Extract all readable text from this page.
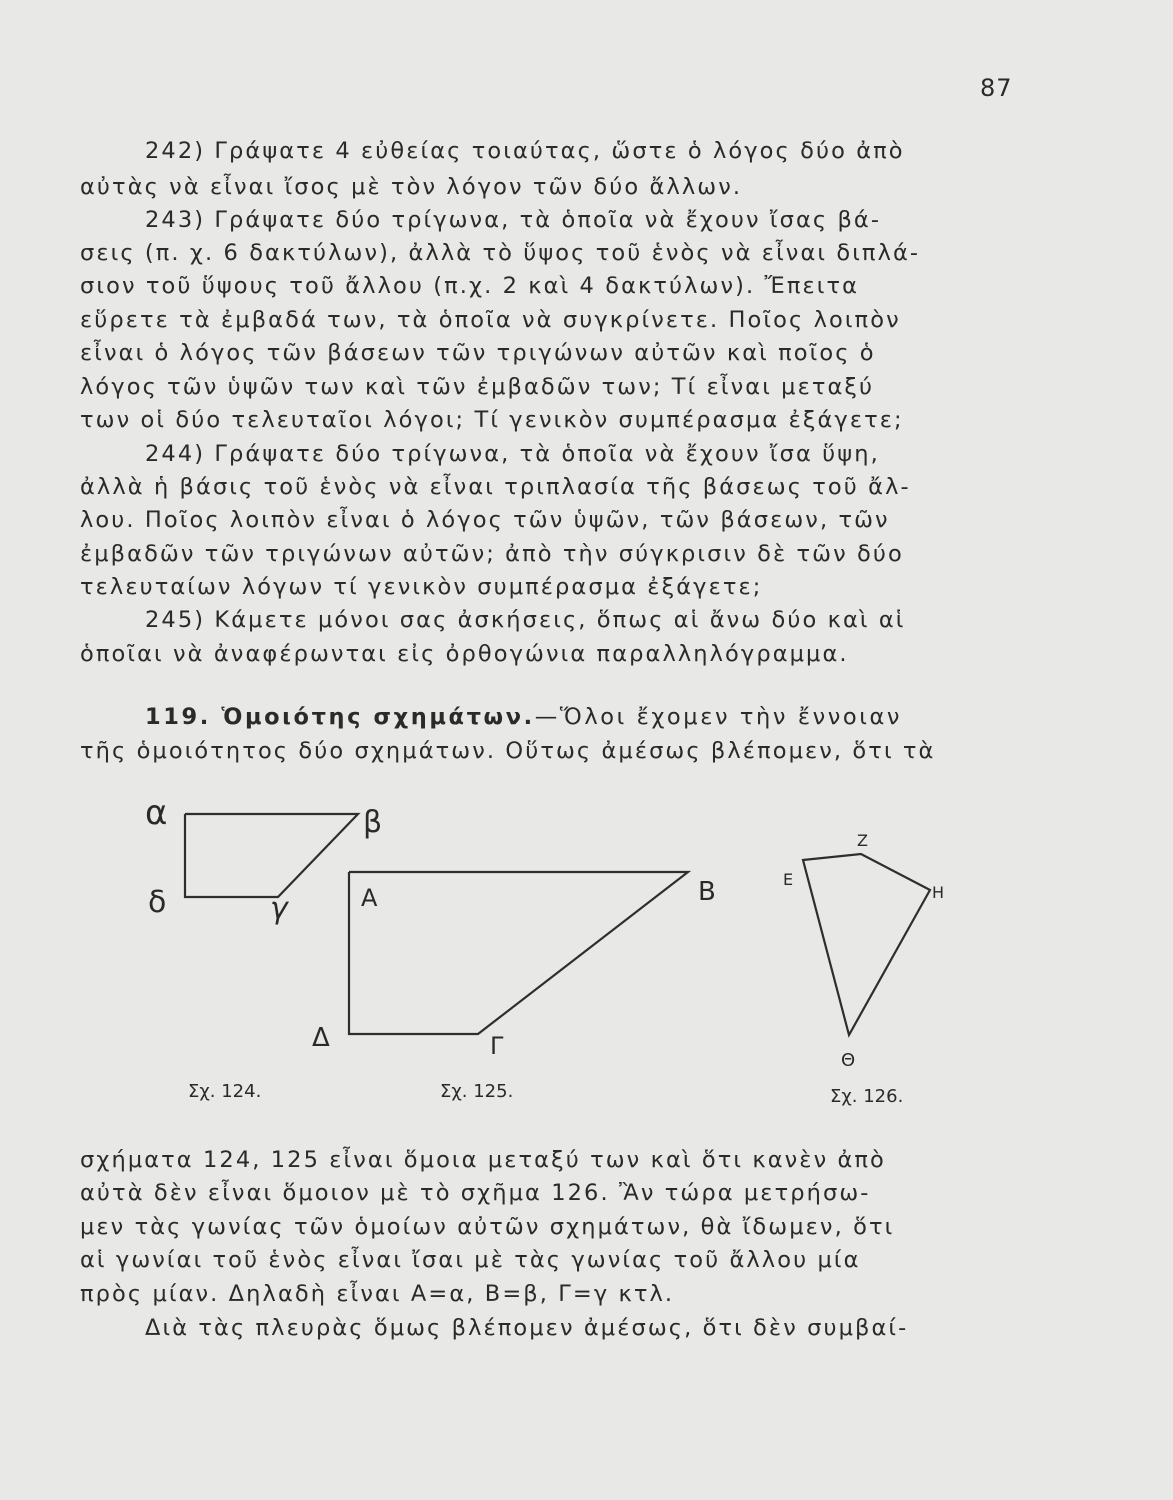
87
242) Γράψατε 4 εὐθείας τοιαύτας, ὥστε ὁ λόγος δύο ἀπὸ
αὐτὰς νὰ εἶναι ἴσος μὲ τὸν λόγον τῶν δύο ἄλλων.
243) Γράψατε δύο τρίγωνα, τὰ ὁποῖα νὰ ἔχουν ἴσας βά-
σεις (π. χ. 6 δακτύλων), ἀλλὰ τὸ ὕψος τοῦ ἑνὸς νὰ εἶναι διπλά-
σιον τοῦ ὕψους τοῦ ἄλλου (π.χ. 2 καὶ 4 δακτύλων). Ἔπειτα
εὕρετε τὰ ἐμβαδά των, τὰ ὁποῖα νὰ συγκρίνετε. Ποῖος λοιπὸν
εἶναι ὁ λόγος τῶν βάσεων τῶν τριγώνων αὐτῶν καὶ ποῖος ὁ
λόγος τῶν ὑψῶν των καὶ τῶν ἐμβαδῶν των; Τί εἶναι μεταξύ
των οἱ δύο τελευταῖοι λόγοι; Τί γενικὸν συμπέρασμα ἐξάγετε;
244) Γράψατε δύο τρίγωνα, τὰ ὁποῖα νὰ ἔχουν ἴσα ὕψη,
ἀλλὰ ἡ βάσις τοῦ ἑνὸς νὰ εἶναι τριπλασία τῆς βάσεως τοῦ ἄλ-
λου. Ποῖος λοιπὸν εἶναι ὁ λόγος τῶν ὑψῶν, τῶν βάσεων, τῶν
ἐμβαδῶν τῶν τριγώνων αὐτῶν; ἀπὸ τὴν σύγκρισιν δὲ τῶν δύο
τελευταίων λόγων τί γενικὸν συμπέρασμα ἐξάγετε;
245) Κάμετε μόνοι σας ἀσκήσεις, ὅπως αἱ ἄνω δύο καὶ αἱ
ὁποῖαι νὰ ἀναφέρωνται εἰς ὀρθογώνια παραλληλόγραμμα.
119. Ὁμοιότης σχημάτων.—Ὅλοι ἔχομεν τὴν ἔννοιαν
τῆς ὁμοιότητος δύο σχημάτων. Οὕτως ἀμέσως βλέπομεν, ὅτι τὰ
α	β
γ
δ	Α	Β
Γ
Δ
Ε
Ζ
Η
Θ
Σχ. 124.	Σχ. 125.	Σχ. 126.
σχήματα 124, 125 εἶναι ὅμοια μεταξύ των καὶ ὅτι κανὲν ἀπὸ
αὐτὰ δὲν εἶναι ὅμοιον μὲ τὸ σχῆμα 126. Ἂν τώρα μετρήσω-
μεν τὰς γωνίας τῶν ὁμοίων αὐτῶν σχημάτων, θὰ ἴδωμεν, ὅτι
αἱ γωνίαι τοῦ ἑνὸς εἶναι ἴσαι μὲ τὰς γωνίας τοῦ ἄλλου μία
πρὸς μίαν. Δηλαδὴ εἶναι Α=α, Β=β, Γ=γ κτλ.
Διὰ τὰς πλευρὰς ὅμως βλέπομεν ἀμέσως, ὅτι δὲν συμβαί-
